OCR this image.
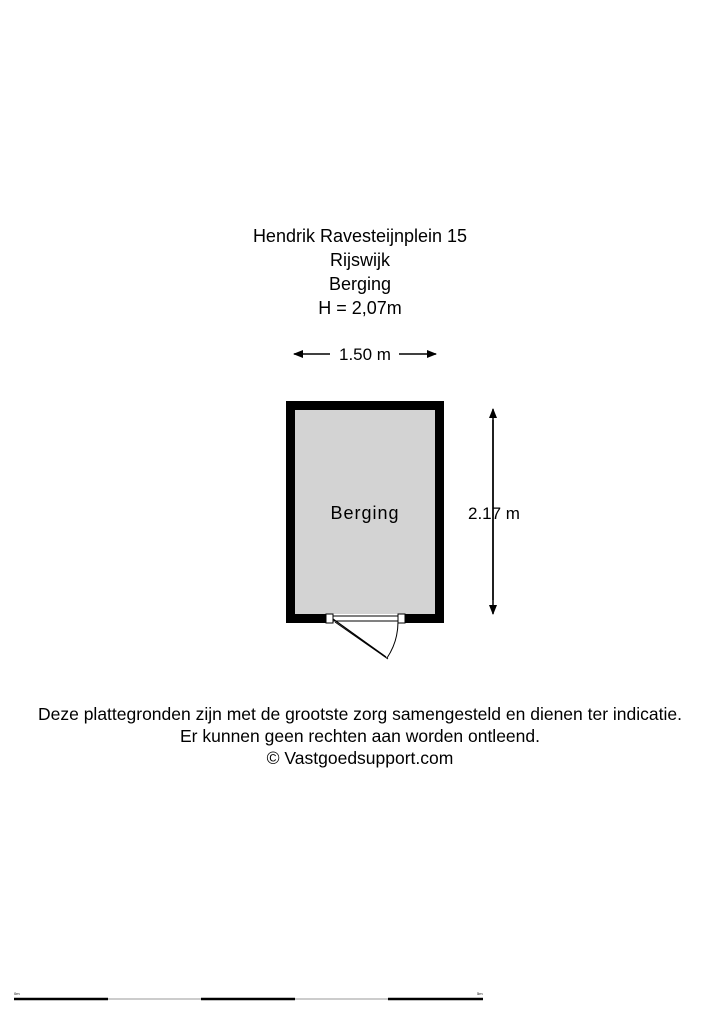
Hendrik Ravesteijnplein 15
Rijswijk
Berging
H = 2,07m
1.50 m
Berging	2.17 m
0m	5m
Deze plattegronden zijn met de grootste zorg samengesteld en dienen ter indicatie.
Er kunnen geen rechten aan worden ontleend.
© Vastgoedsupport.com
